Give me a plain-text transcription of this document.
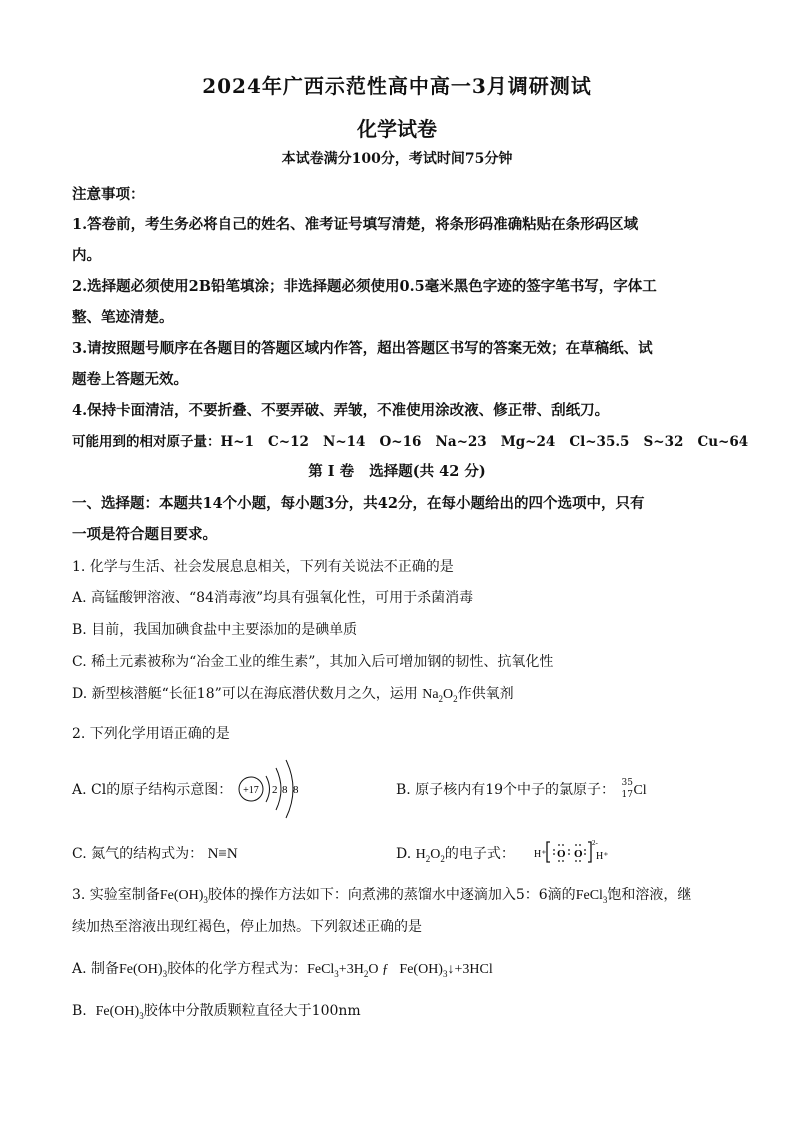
2024年广西示范性高中高一3月调研测试
化学试卷
本试卷满分100分，考试时间75分钟
注意事项：
1.答卷前，考生务必将自己的姓名、准考证号填写清楚，将条形码准确粘贴在条形码区域
内。
2.选择题必须使用2B铅笔填涂；非选择题必须使用0.5毫米黑色字迹的签字笔书写，字体工
整、笔迹清楚。
3.请按照题号顺序在各题目的答题区域内作答，超出答题区书写的答案无效；在草稿纸、试
题卷上答题无效。
4.保持卡面清洁，不要折叠、不要弄破、弄皱，不准使用涂改液、修正带、刮纸刀。
可能用到的相对原子量：H~1   C~12   N~14   O~16   Na~23   Mg~24   Cl~35.5   S~32   Cu~64
第 I 卷   选择题(共 42 分)
一、选择题：本题共14个小题，每小题3分，共42分，在每小题给出的四个选项中，只有
一项是符合题目要求。
1. 化学与生活、社会发展息息相关，下列有关说法不正确的是
A. 高锰酸钾溶液、“84消毒液”均具有强氧化性，可用于杀菌消毒
B. 目前，我国加碘食盐中主要添加的是碘单质
C. 稀土元素被称为“冶金工业的维生素”，其加入后可增加钢的韧性、抗氧化性
D. 新型核潜艇“长征18”可以在海底潜伏数月之久，运用 $Na_2O_2$作供氧剂
2. 下列化学用语正确的是
A. Cl的原子结构示意图： +17 2 8 8	B. 原子核内有19个中子的氯原子： 35
17 Cl
C. 氮气的结构式为： N≡N	D. $H_2O_2$的电子式： H⁺ O O
2-
H⁺
3. 实验室制备$Fe(OH)_3$胶体的操作方法如下：向煮沸的蒸馏水中逐滴加入5：6滴的FeCl$_3$饱和溶液，继
续加热至溶液出现红褐色，停止加热。下列叙述正确的是
A. 制备$Fe(OH)_3$胶体的化学方程式为：$FeCl_3+3H_2O$ ƒ   $Fe(OH)_3↓+3HCl$
B.  $Fe(OH)_3$胶体中分散质颗粒直径大于100nm
